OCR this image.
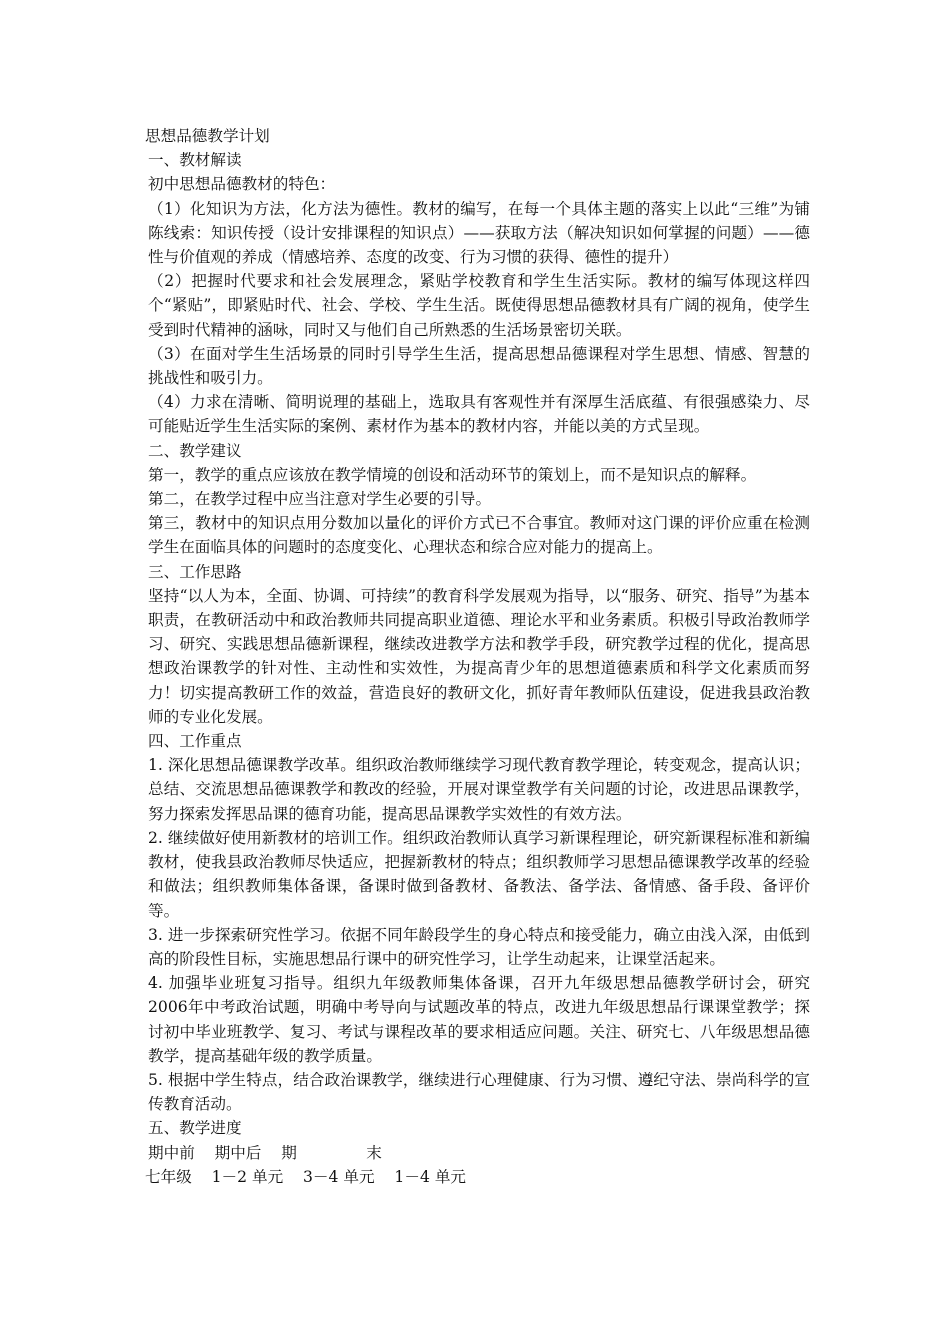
思想品德教学计划

一、教材解读

初中思想品德教材的特色：

（1）化知识为方法，化方法为德性。教材的编写，在每一个具体主题的落实上以此“三维”为铺陈线索：知识传授（设计安排课程的知识点）——获取方法（解决知识如何掌握的问题）——德性与价值观的养成（情感培养、态度的改变、行为习惯的获得、德性的提升）

（2）把握时代要求和社会发展理念，紧贴学校教育和学生生活实际。教材的编写体现这样四个“紧贴”，即紧贴时代、社会、学校、学生生活。既使得思想品德教材具有广阔的视角，使学生受到时代精神的涵咏，同时又与他们自己所熟悉的生活场景密切关联。

（3）在面对学生生活场景的同时引导学生生活，提高思想品德课程对学生思想、情感、智慧的挑战性和吸引力。

（4）力求在清晰、简明说理的基础上，选取具有客观性并有深厚生活底蕴、有很强感染力、尽可能贴近学生生活实际的案例、素材作为基本的教材内容，并能以美的方式呈现。

二、教学建议

第一，教学的重点应该放在教学情境的创设和活动环节的策划上，而不是知识点的解释。

第二，在教学过程中应当注意对学生必要的引导。

第三，教材中的知识点用分数加以量化的评价方式已不合事宜。教师对这门课的评价应重在检测学生在面临具体的问题时的态度变化、心理状态和综合应对能力的提高上。

三、工作思路

坚持“以人为本，全面、协调、可持续”的教育科学发展观为指导，以“服务、研究、指导”为基本职责，在教研活动中和政治教师共同提高职业道德、理论水平和业务素质。积极引导政治教师学习、研究、实践思想品德新课程，继续改进教学方法和教学手段，研究教学过程的优化，提高思想政治课教学的针对性、主动性和实效性，为提高青少年的思想道德素质和科学文化素质而努力！切实提高教研工作的效益，营造良好的教研文化，抓好青年教师队伍建设，促进我县政治教师的专业化发展。

四、工作重点

1. 深化思想品德课教学改革。组织政治教师继续学习现代教育教学理论，转变观念，提高认识；总结、交流思想品德课教学和教改的经验，开展对课堂教学有关问题的讨论，改进思品课教学，努力探索发挥思品课的德育功能，提高思品课教学实效性的有效方法。

2. 继续做好使用新教材的培训工作。组织政治教师认真学习新课程理论，研究新课程标准和新编教材，使我县政治教师尽快适应，把握新教材的特点；组织教师学习思想品德课教学改革的经验和做法；组织教师集体备课，备课时做到备教材、备教法、备学法、备情感、备手段、备评价等。

3. 进一步探索研究性学习。依据不同年龄段学生的身心特点和接受能力，确立由浅入深，由低到高的阶段性目标，实施思想品行课中的研究性学习，让学生动起来，让课堂活起来。

4. 加强毕业班复习指导。组织九年级教师集体备课，召开九年级思想品德教学研讨会，研究2006年中考政治试题，明确中考导向与试题改革的特点，改进九年级思想品行课课堂教学；探讨初中毕业班教学、复习、考试与课程改革的要求相适应问题。关注、研究七、八年级思想品德教学，提高基础年级的教学质量。

5. 根据中学生特点，结合政治课教学，继续进行心理健康、行为习惯、遵纪守法、崇尚科学的宣传教育活动。

五、教学进度

期中前    期中后    期              末

七年级    1－2 单元    3－4 单元    1－4 单元
